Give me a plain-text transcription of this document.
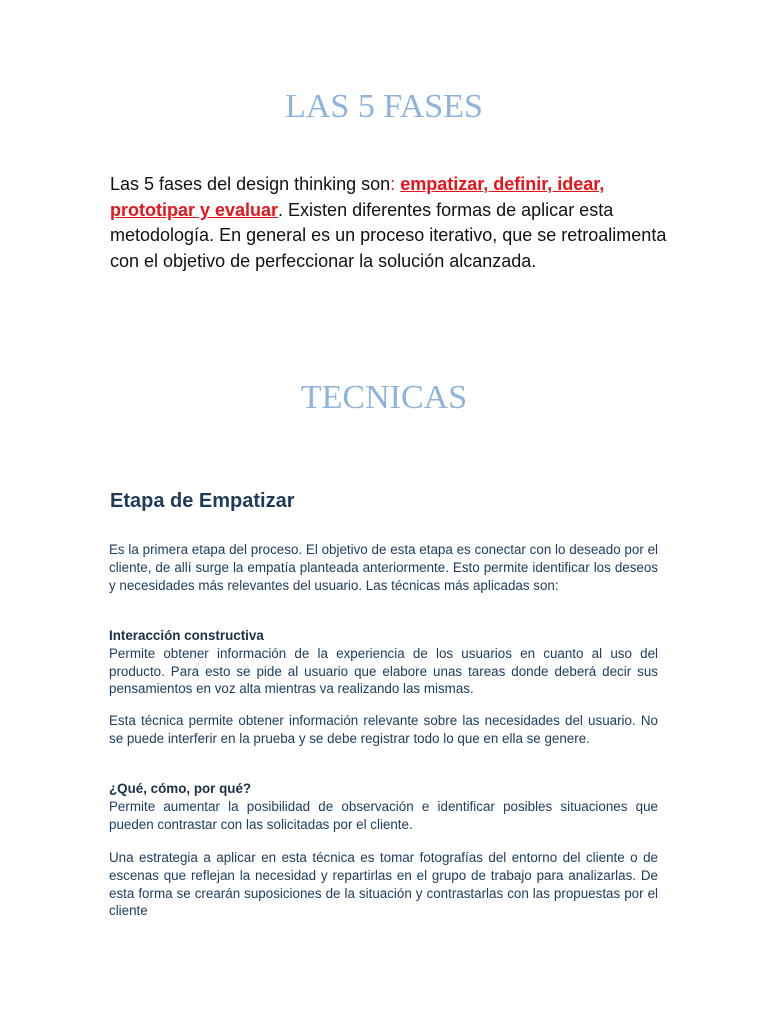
LAS 5 FASES

Las 5 fases del design thinking son: empatizar, definir, idear, prototipar y evaluar. Existen diferentes formas de aplicar esta metodología. En general es un proceso iterativo, que se retroalimenta con el objetivo de perfeccionar la solución alcanzada.

TECNICAS
Etapa de Empatizar

Es la primera etapa del proceso. El objetivo de esta etapa es conectar con lo deseado por el cliente, de allí surge la empatía planteada anteriormente. Esto permite identificar los deseos y necesidades más relevantes del usuario. Las técnicas más aplicadas son:

Interacción constructiva
Permite obtener información de la experiencia de los usuarios en cuanto al uso del producto. Para esto se pide al usuario que elabore unas tareas donde deberá decir sus pensamientos en voz alta mientras va realizando las mismas.

Esta técnica permite obtener información relevante sobre las necesidades del usuario. No se puede interferir en la prueba y se debe registrar todo lo que en ella se genere.

¿Qué, cómo, por qué?
Permite aumentar la posibilidad de observación e identificar posibles situaciones que pueden contrastar con las solicitadas por el cliente.

Una estrategia a aplicar en esta técnica es tomar fotografías del entorno del cliente o de escenas que reflejan la necesidad y repartirlas en el grupo de trabajo para analizarlas. De esta forma se crearán suposiciones de la situación y contrastarlas con las propuestas por el cliente
